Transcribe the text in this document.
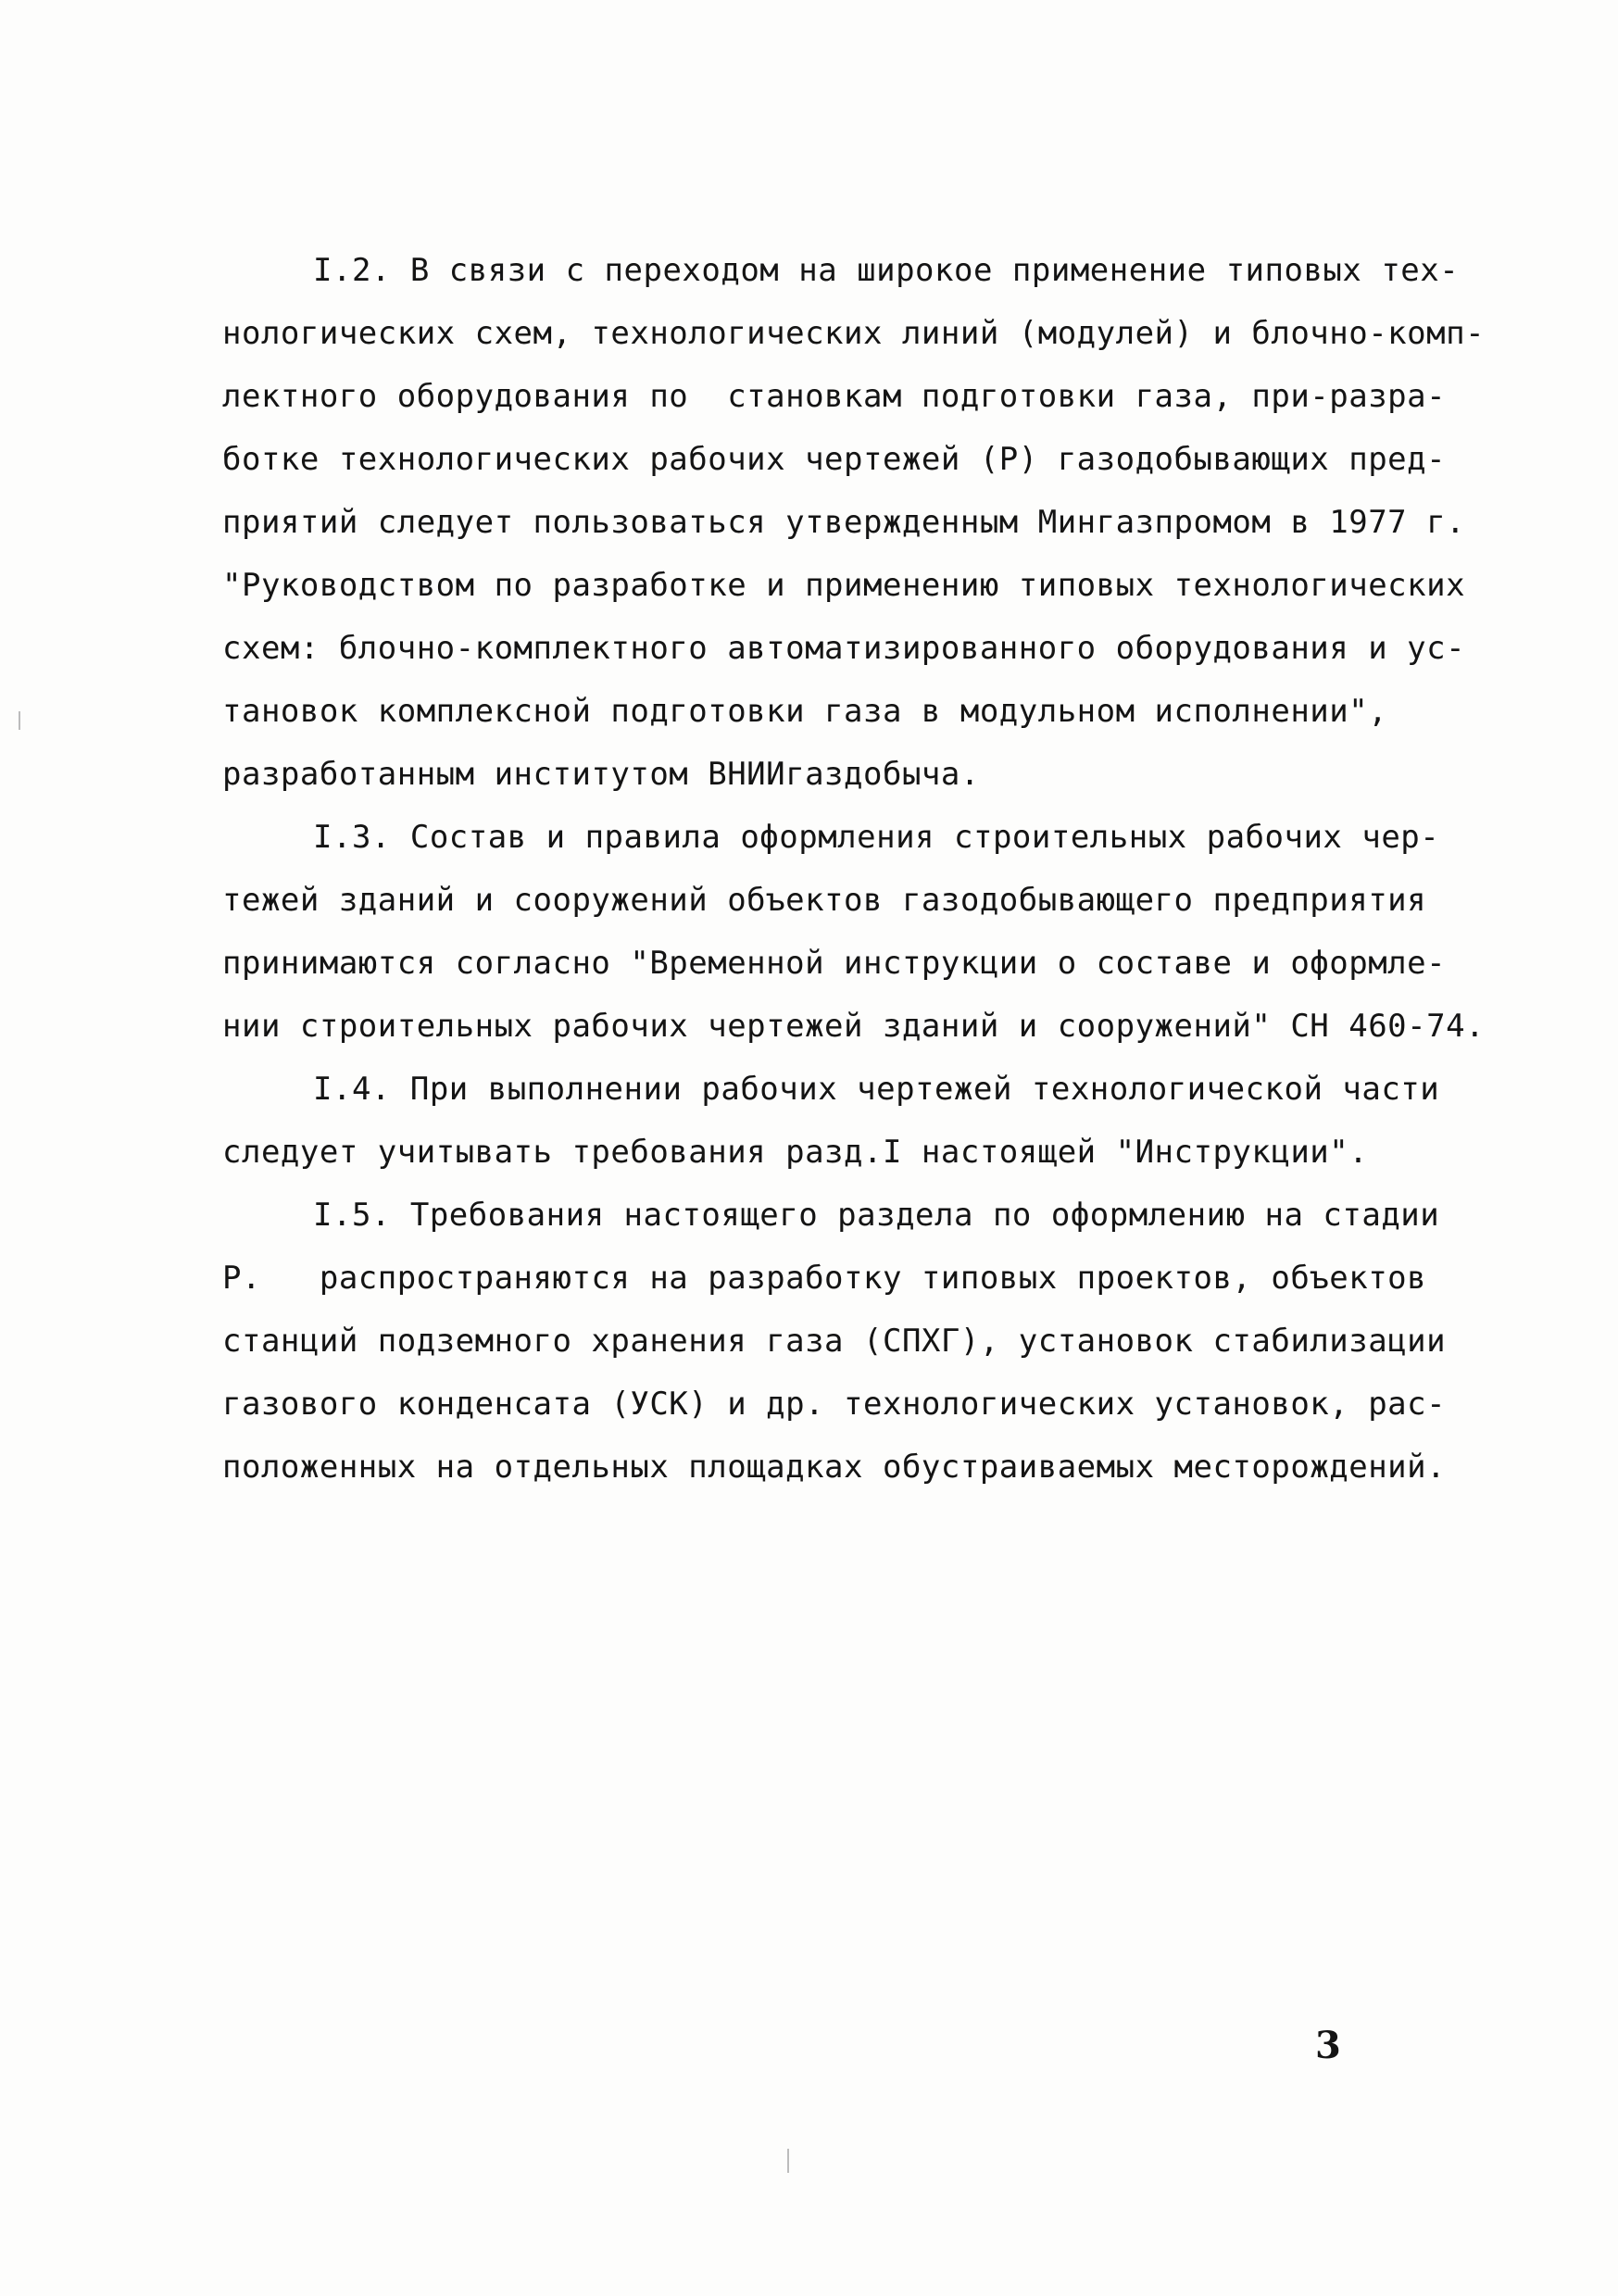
I.2. В связи с переходом на широкое применение типовых тех-
нологических схем, технологических линий (модулей) и блочно-комп-
лектного оборудования по  становкам подготовки газа, при-разра-
ботке технологических рабочих чертежей (Р) газодобывающих пред-
приятий следует пользоваться утвержденным Мингазпромом в 1977 г.
"Руководством по разработке и применению типовых технологических
схем: блочно-комплектного автоматизированного оборудования и ус-
тановок комплексной подготовки газа в модульном исполнении",
разработанным институтом ВНИИгаздобыча.
I.3. Состав и правила оформления строительных рабочих чер-
тежей зданий и сооружений объектов газодобывающего предприятия
принимаются согласно "Временной инструкции о составе и оформле-
нии строительных рабочих чертежей зданий и сооружений" СН 460-74.
I.4. При выполнении рабочих чертежей технологической части
следует учитывать требования разд.I настоящей "Инструкции".
I.5. Требования настоящего раздела по оформлению на стадии
Р.   распространяются на разработку типовых проектов, объектов
станций подземного хранения газа (СПХГ), установок стабилизации
газового конденсата (УСК) и др. технологических установок, рас-
положенных на отдельных площадках обустраиваемых месторождений.
3
